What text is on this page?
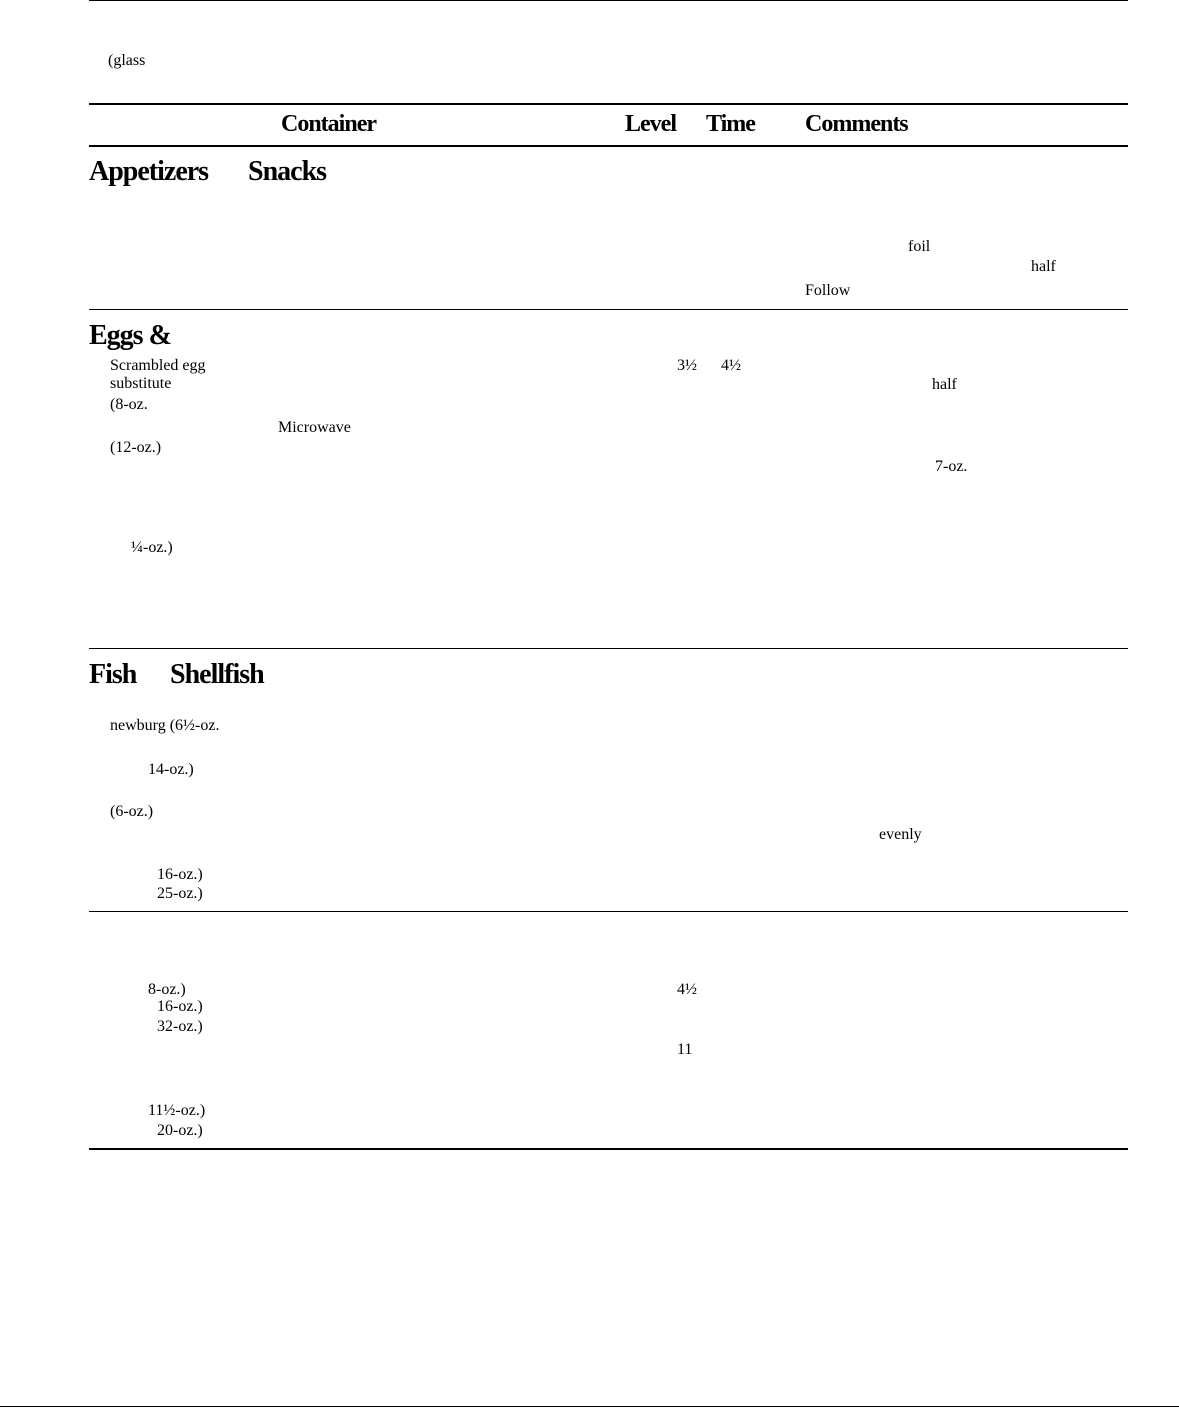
(glass
Container	Level Time Comments
Appetizers Snacks
foil
half
Follow
Eggs &
Scrambled egg
substitute
(8-oz.
3½ 4½
half
Microwave
(12-oz.)
7-oz.
¼-oz.)
Fish Shellfish
newburg (6½-oz.
14-oz.)
(6-oz.)
evenly
16-oz.)
25-oz.)
8-oz.)	4½
16-oz.)
32-oz.)
11
11½-oz.)
20-oz.)
